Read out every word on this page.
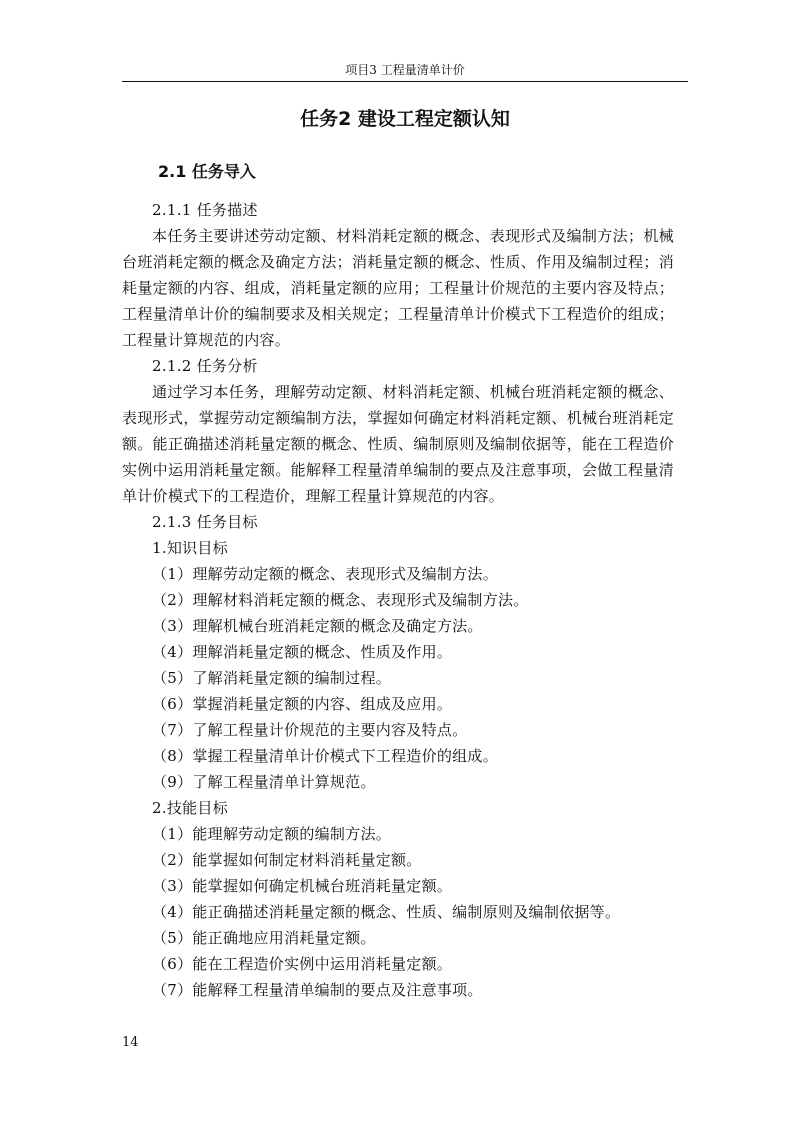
项目3 工程量清单计价
任务2 建设工程定额认知
2.1 任务导入

2.1.1 任务描述

本任务主要讲述劳动定额、材料消耗定额的概念、表现形式及编制方法；机械台班消耗定额的概念及确定方法；消耗量定额的概念、性质、作用及编制过程；消耗量定额的内容、组成，消耗量定额的应用；工程量计价规范的主要内容及特点；工程量清单计价的编制要求及相关规定；工程量清单计价模式下工程造价的组成；工程量计算规范的内容。

2.1.2 任务分析

通过学习本任务，理解劳动定额、材料消耗定额、机械台班消耗定额的概念、表现形式，掌握劳动定额编制方法，掌握如何确定材料消耗定额、机械台班消耗定额。能正确描述消耗量定额的概念、性质、编制原则及编制依据等，能在工程造价实例中运用消耗量定额。能解释工程量清单编制的要点及注意事项，会做工程量清单计价模式下的工程造价，理解工程量计算规范的内容。

2.1.3 任务目标

1.知识目标

（1）理解劳动定额的概念、表现形式及编制方法。

（2）理解材料消耗定额的概念、表现形式及编制方法。

（3）理解机械台班消耗定额的概念及确定方法。

（4）理解消耗量定额的概念、性质及作用。

（5）了解消耗量定额的编制过程。

（6）掌握消耗量定额的内容、组成及应用。

（7）了解工程量计价规范的主要内容及特点。

（8）掌握工程量清单计价模式下工程造价的组成。

（9）了解工程量清单计算规范。

2.技能目标

（1）能理解劳动定额的编制方法。

（2）能掌握如何制定材料消耗量定额。

（3）能掌握如何确定机械台班消耗量定额。

（4）能正确描述消耗量定额的概念、性质、编制原则及编制依据等。

（5）能正确地应用消耗量定额。

（6）能在工程造价实例中运用消耗量定额。

（7）能解释工程量清单编制的要点及注意事项。

14
